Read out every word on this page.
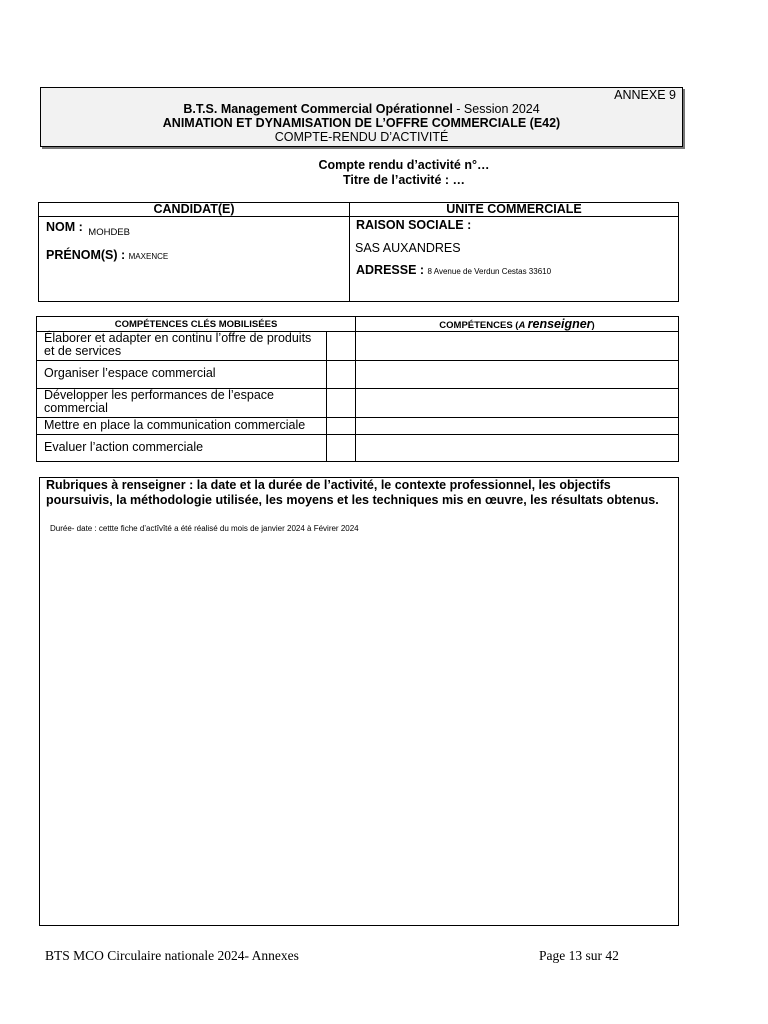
ANNEXE 9
B.T.S. Management Commercial Opérationnel - Session 2024
ANIMATION ET DYNAMISATION DE L’OFFRE COMMERCIALE (E42)
COMPTE-RENDU D’ACTIVITÉ
Compte rendu d’activité n°…
Titre de l’activité : …
CANDIDAT(E)	UNITE COMMERCIALE
NOM : $_{MOHDEB}$
PRÉNOM(S) : MAXENCE
RAISON SOCIALE :
SAS AUXANDRES
ADRESSE : 8 Avenue de Verdun Cestas 33610
COMPÉTENCES CLÉS MOBILISÉES	COMPÉTENCES (A renseigner)
Élaborer et adapter en continu l’offre de produits et de services
Organiser l’espace commercial
Développer les performances de l’espace commercial
Mettre en place la communication commerciale
Evaluer l’action commerciale
Rubriques à renseigner : la date et la durée de l’activité, le contexte professionnel, les objectifs poursuivis, la méthodologie utilisée, les moyens et les techniques mis en œuvre, les résultats obtenus.
Durée- date : cettte fiche d’actîvîté a été réalisé du mois de janvier 2024 à Févirer 2024
BTS MCO Circulaire nationale 2024- Annexes	Page 13 sur 42
